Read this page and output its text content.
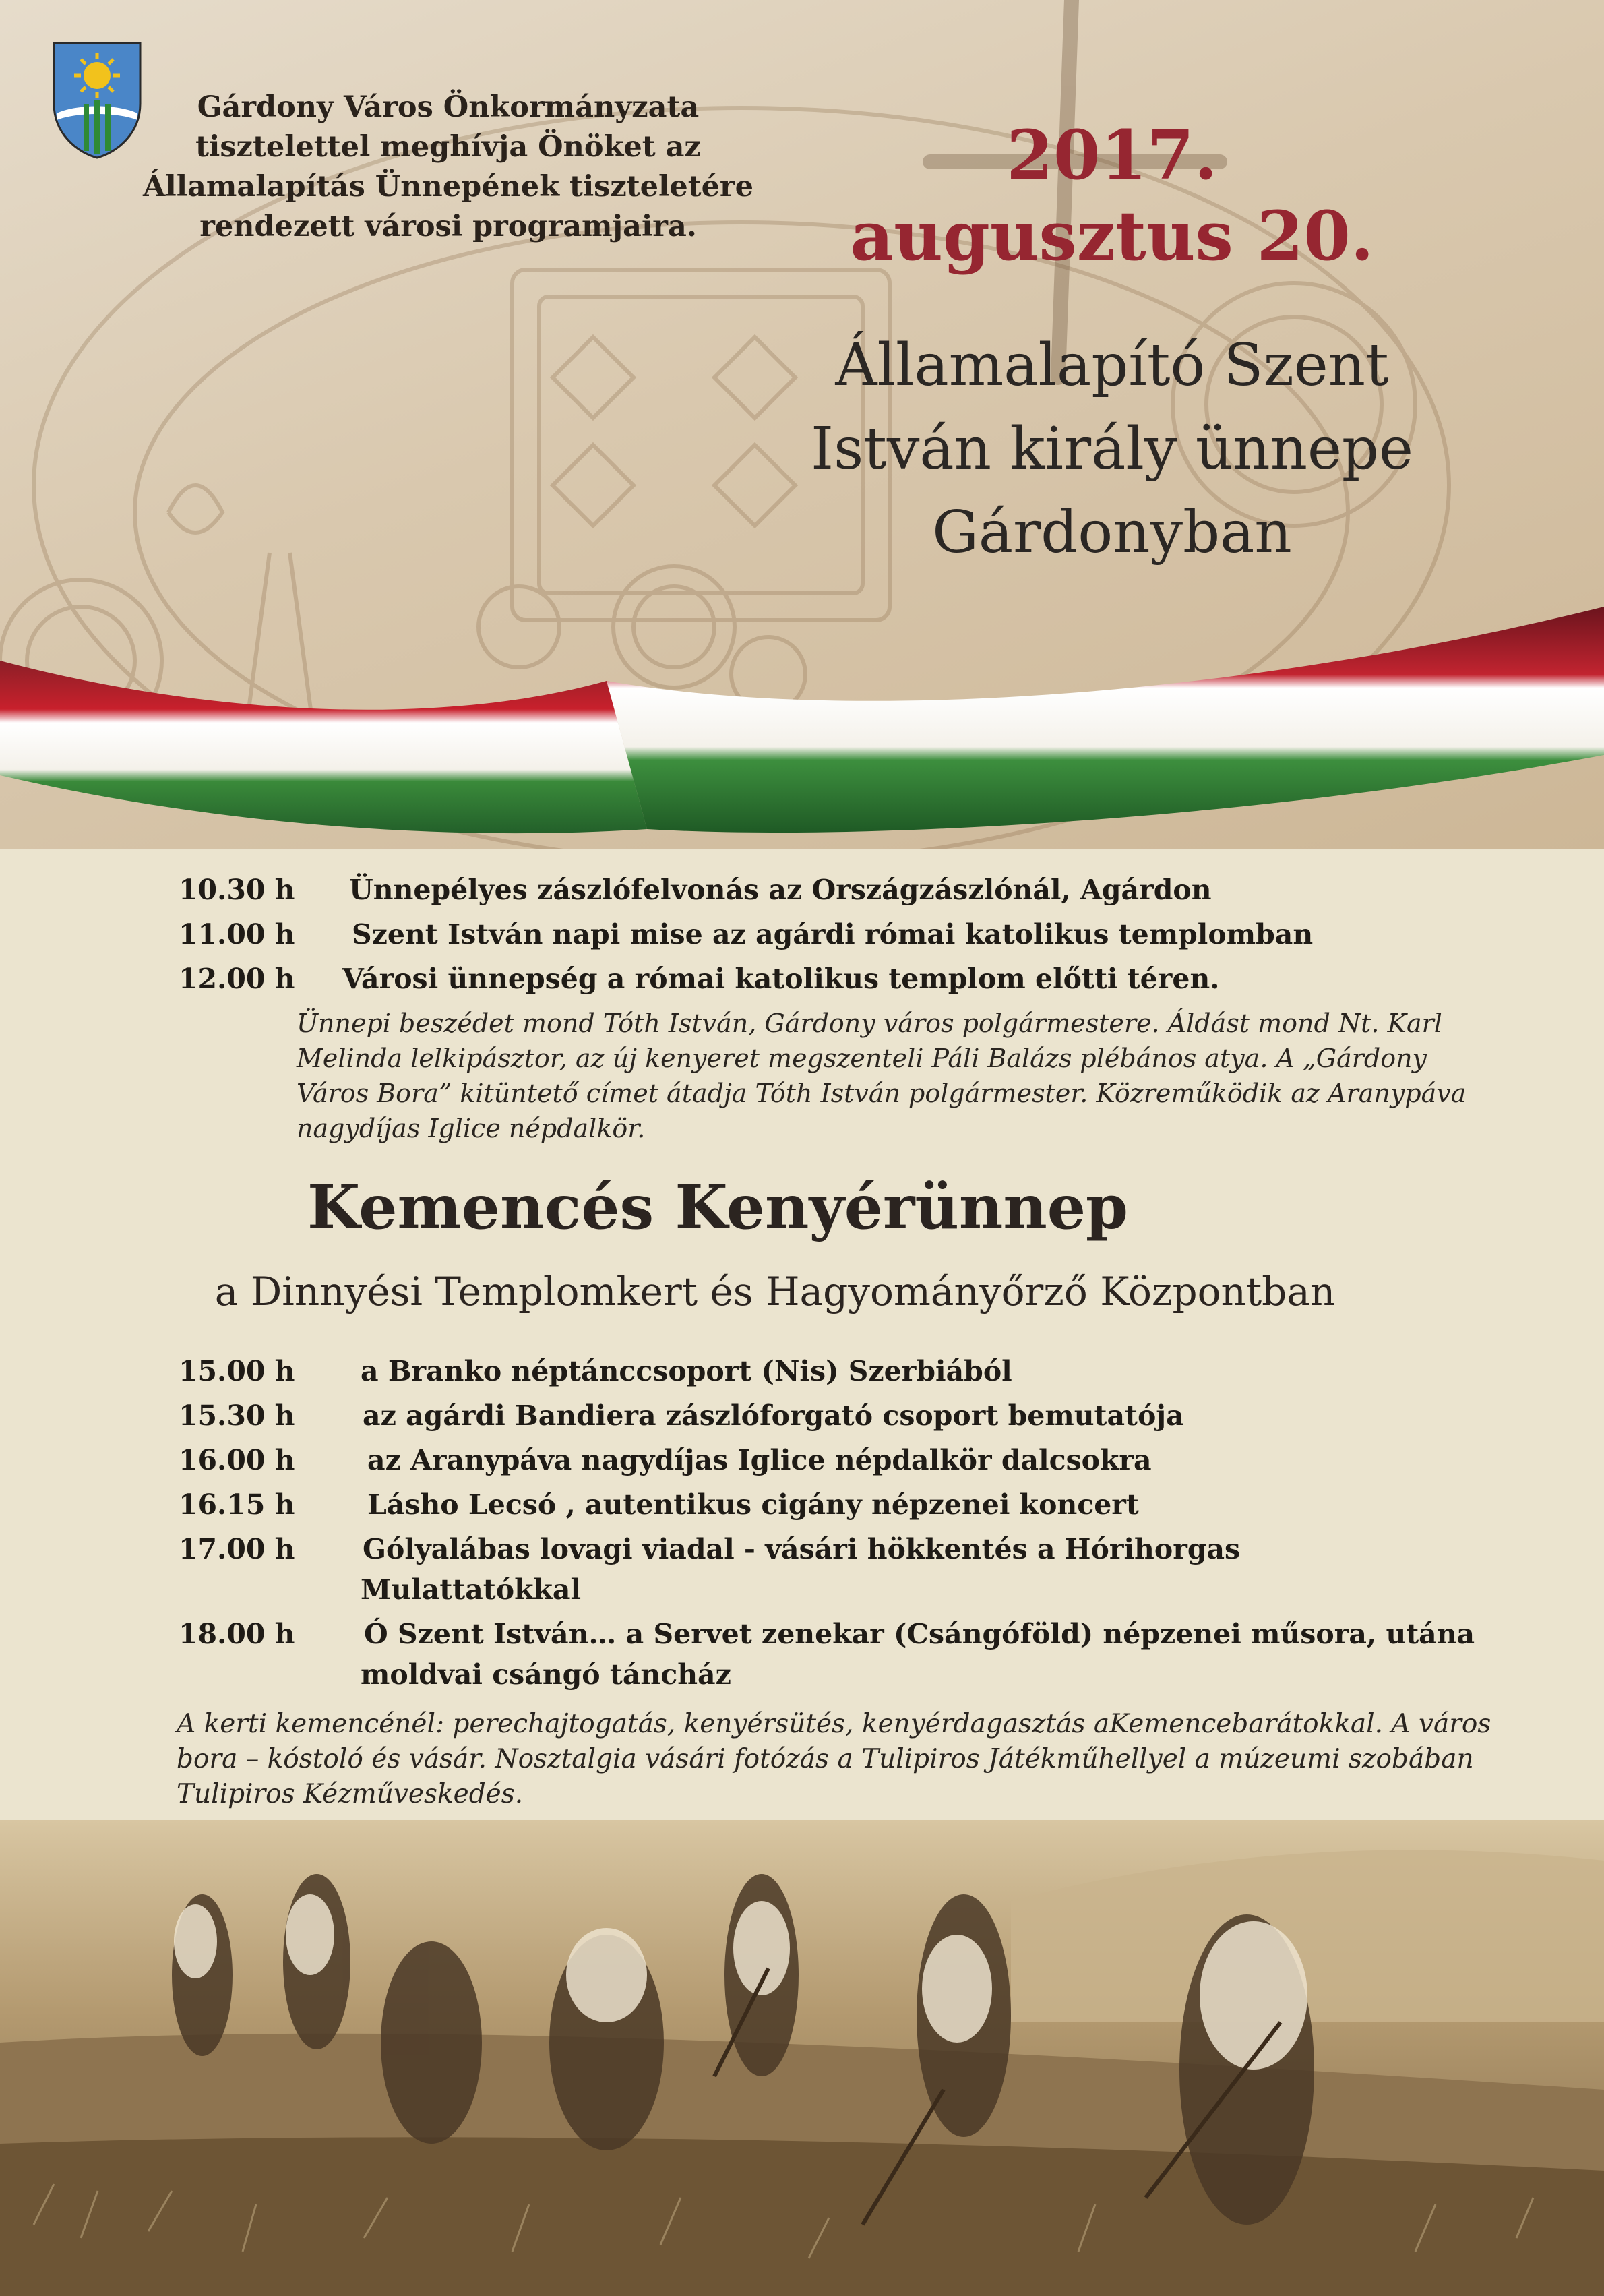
Gárdony Város Önkormányzata
tisztelettel meghívja Önöket az
Államalapítás Ünnepének tiszteletére
rendezett városi programjaira.
2017.
augusztus 20.
Államalapító Szent
István király ünnepe
Gárdonyban
10.30 h Ünnepélyes zászlófelvonás az Országzászlónál, Agárdon
11.00 h Szent István napi mise az agárdi római katolikus templomban
12.00 h Városi ünnepség a római katolikus templom előtti téren.
Ünnepi beszédet mond Tóth István, Gárdony város polgármestere. Áldást mond Nt. Karl
Melinda lelkipásztor, az új kenyeret megszenteli Páli Balázs plébános atya. A „Gárdony
Város Bora” kitüntető címet átadja Tóth István polgármester. Közreműködik az Aranypáva
nagydíjas Iglice népdalkör.
Kemencés Kenyérünnep
a Dinnyési Templomkert és Hagyományőrző Központban
15.00 h a Branko néptánccsoport (Nis) Szerbiából
15.30 h az agárdi Bandiera zászlóforgató csoport bemutatója
16.00 h	az Aranypáva nagydíjas Iglice népdalkör dalcsokra
16.15 h	Lásho Lecsó , autentikus cigány népzenei koncert
17.00 h Gólyalábas lovagi viadal - vásári hökkentés a Hórihorgas
Mulattatókkal
18.00 h	Ó Szent István… a Servet zenekar (Csángóföld) népzenei műsora, utána
moldvai csángó táncház
A kerti kemencénél: perechajtogatás, kenyérsütés, kenyérdagasztás aKemencebarátokkal. A város
bora – kóstoló és vásár. Nosztalgia vásári fotózás a Tulipiros Játékműhellyel a múzeumi szobában
Tulipiros Kézműveskedés.
